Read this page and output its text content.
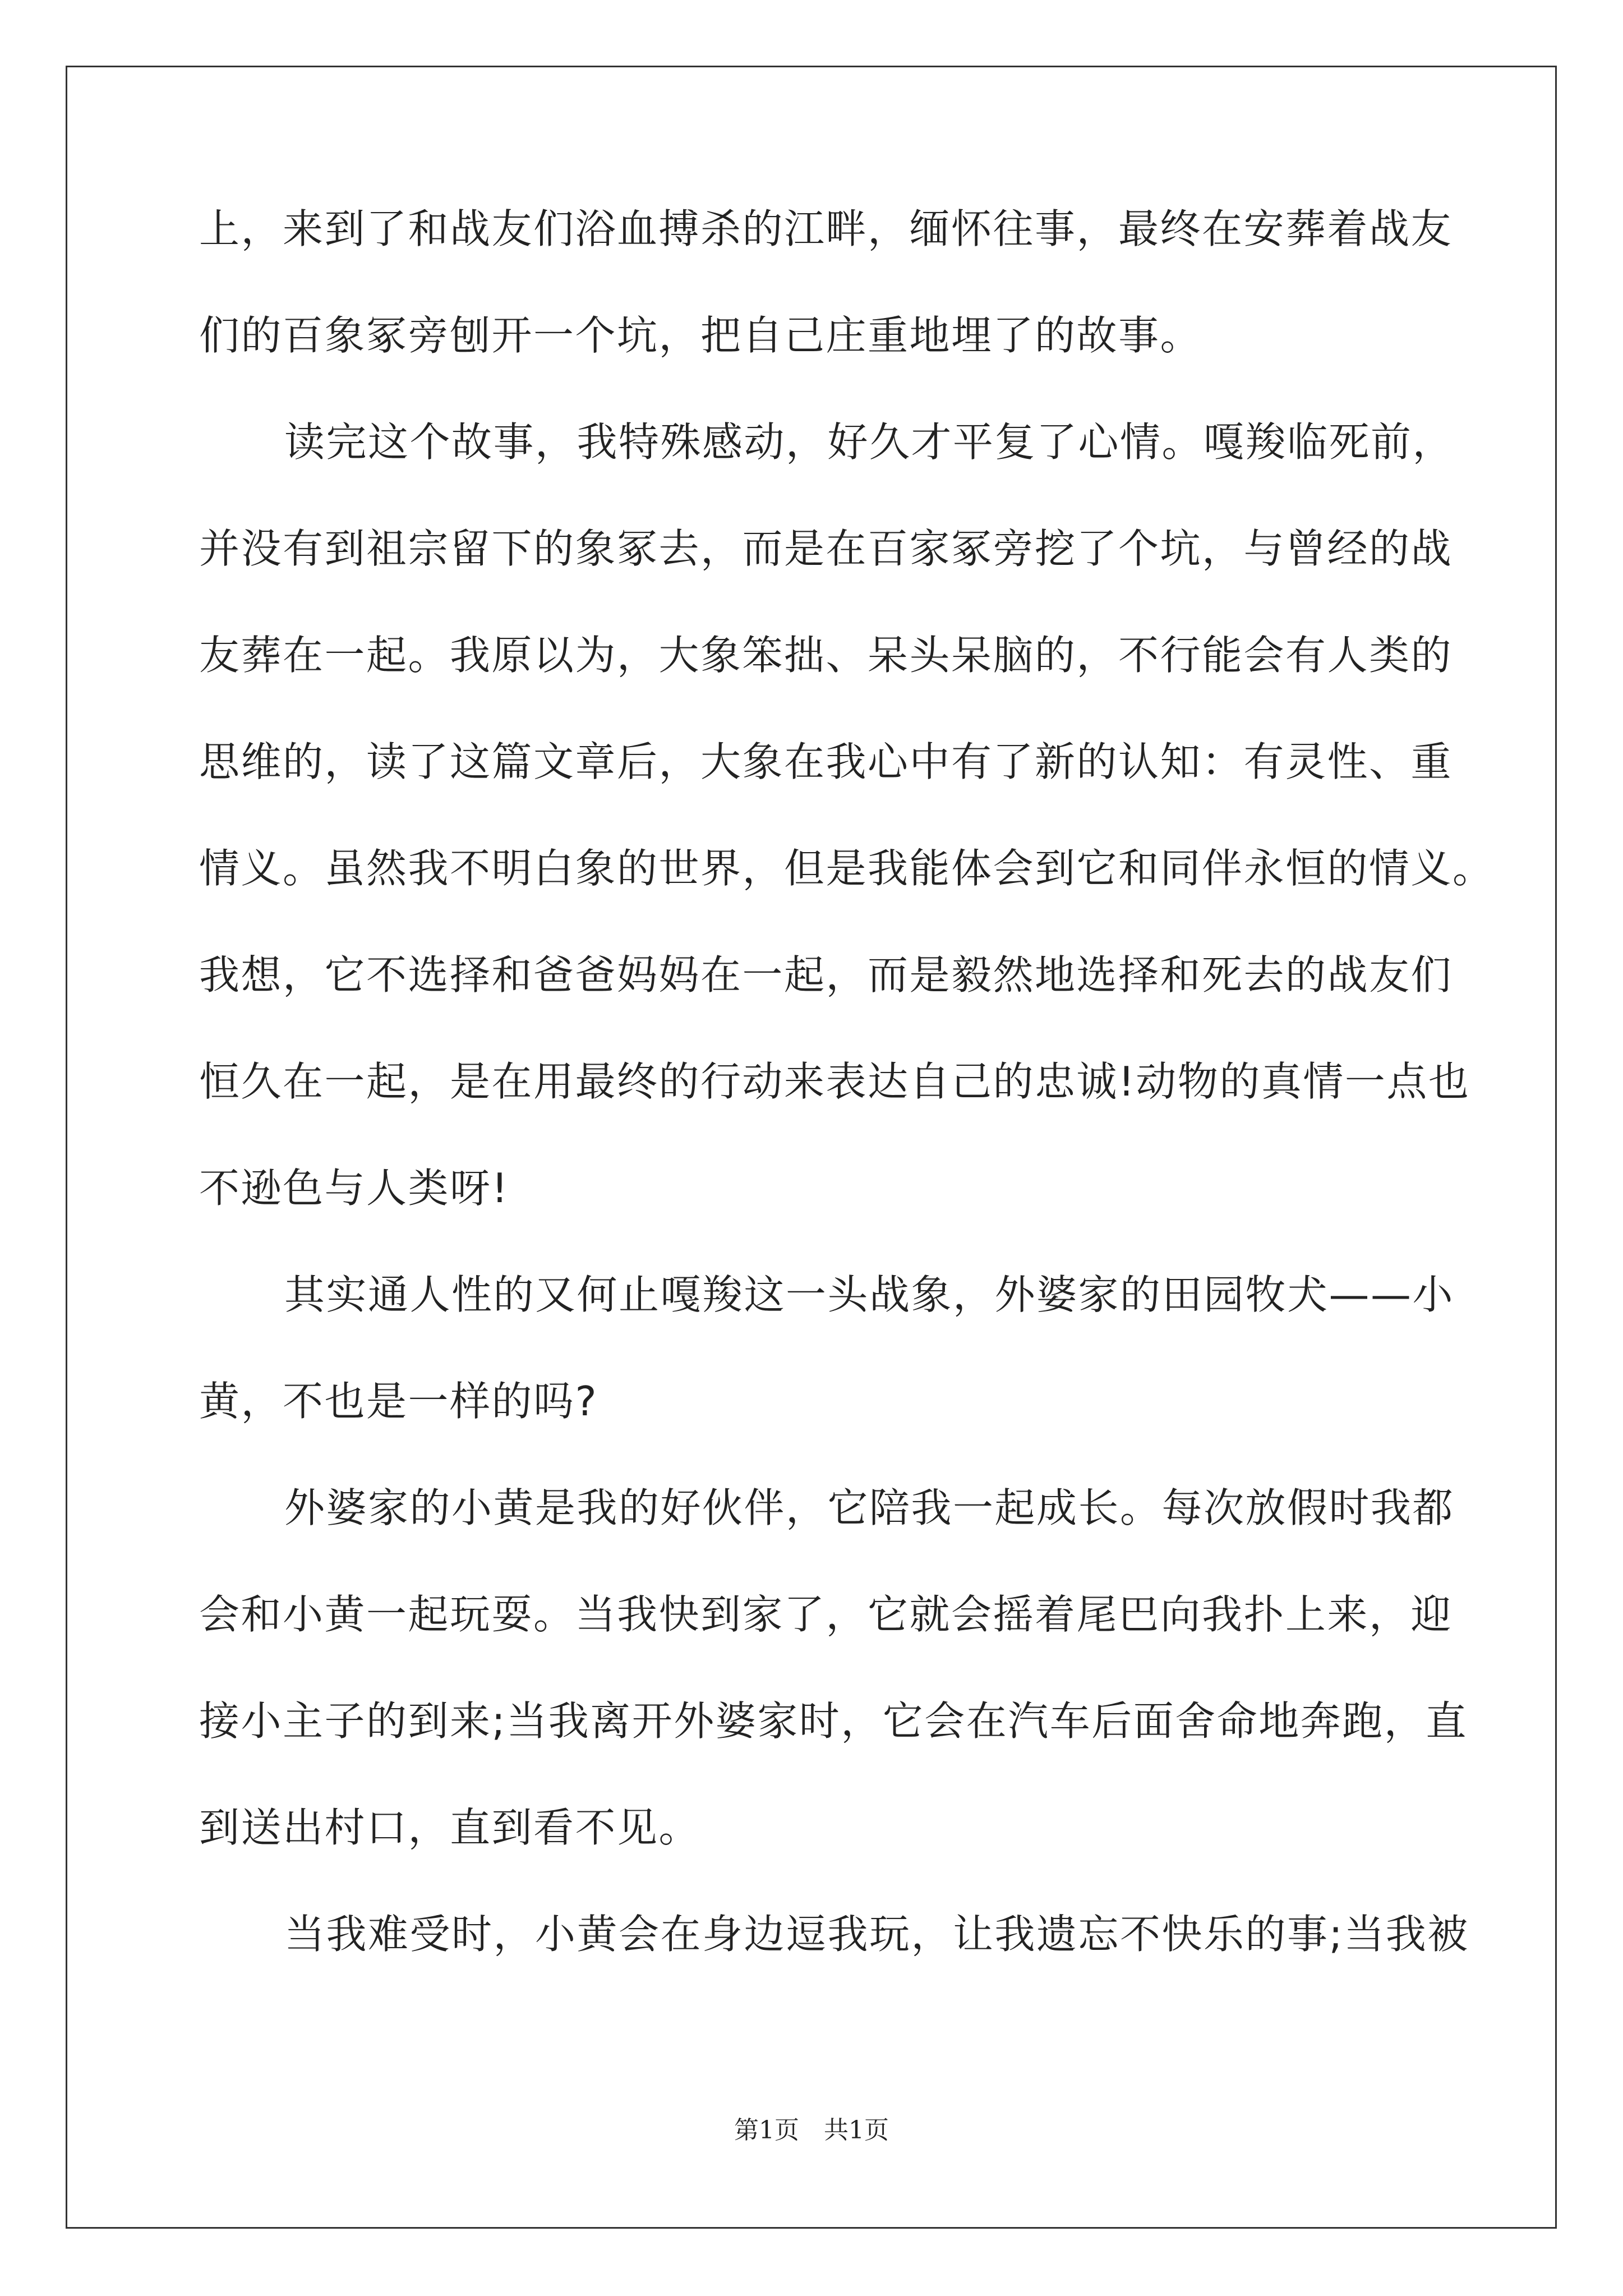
上，来到了和战友们浴血搏杀的江畔，缅怀往事，最终在安葬着战友
们的百象冢旁刨开一个坑，把自己庄重地埋了的故事。
读完这个故事，我特殊感动，好久才平复了心情。嘎羧临死前，
并没有到祖宗留下的象冢去，而是在百家冢旁挖了个坑，与曾经的战
友葬在一起。我原以为，大象笨拙、呆头呆脑的，不行能会有人类的
思维的，读了这篇文章后，大象在我心中有了新的认知：有灵性、重
情义。虽然我不明白象的世界，但是我能体会到它和同伴永恒的情义。
我想，它不选择和爸爸妈妈在一起，而是毅然地选择和死去的战友们
恒久在一起，是在用最终的行动来表达自己的忠诚!动物的真情一点也
不逊色与人类呀!
其实通人性的又何止嘎羧这一头战象，外婆家的田园牧犬——小
黄，不也是一样的吗?
外婆家的小黄是我的好伙伴，它陪我一起成长。每次放假时我都
会和小黄一起玩耍。当我快到家了，它就会摇着尾巴向我扑上来，迎
接小主子的到来;当我离开外婆家时，它会在汽车后面舍命地奔跑，直
到送出村口，直到看不见。
当我难受时，小黄会在身边逗我玩，让我遗忘不快乐的事;当我被
第1页 共1页
